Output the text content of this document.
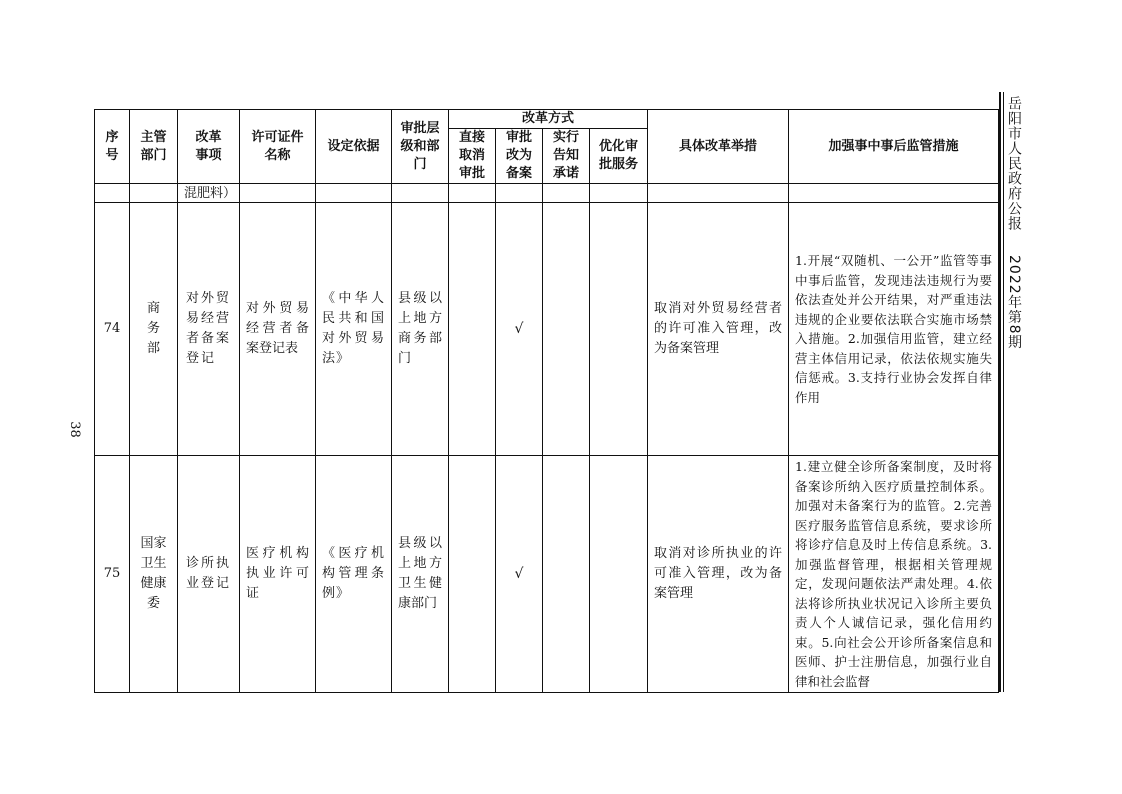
38
岳阳市人民政府公报2022年第8期
序号	主管部门	改革事项	许可证件名称	设定依据	审批层级和部门	改革方式				具体改革举措	加强事中事后监管措施
						直接取消审批	审批改为备案	实行告知承诺	优化审批服务		
		混肥料）									
74	商务部	对外贸易经营者备案登记	对外贸易经营者备案登记表	《中华人民共和国对外贸易法》	县级以上地方商务部门		√			取消对外贸易经营者的许可准入管理，改为备案管理	1.开展“双随机、一公开”监管等事中事后监管，发现违法违规行为要依法查处并公开结果，对严重违法违规的企业要依法联合实施市场禁入措施。2.加强信用监管，建立经营主体信用记录，依法依规实施失信惩戒。3.支持行业协会发挥自律作用
75	国家卫生健康委	诊所执业登记	医疗机构执业许可证	《医疗机构管理条例》	县级以上地方卫生健康部门		√			取消对诊所执业的许可准入管理，改为备案管理	1.建立健全诊所备案制度，及时将备案诊所纳入医疗质量控制体系。加强对未备案行为的监管。2.完善医疗服务监管信息系统，要求诊所将诊疗信息及时上传信息系统。3.加强监督管理，根据相关管理规定，发现问题依法严肃处理。4.依法将诊所执业状况记入诊所主要负责人个人诚信记录，强化信用约束。5.向社会公开诊所备案信息和医师、护士注册信息，加强行业自律和社会监督
